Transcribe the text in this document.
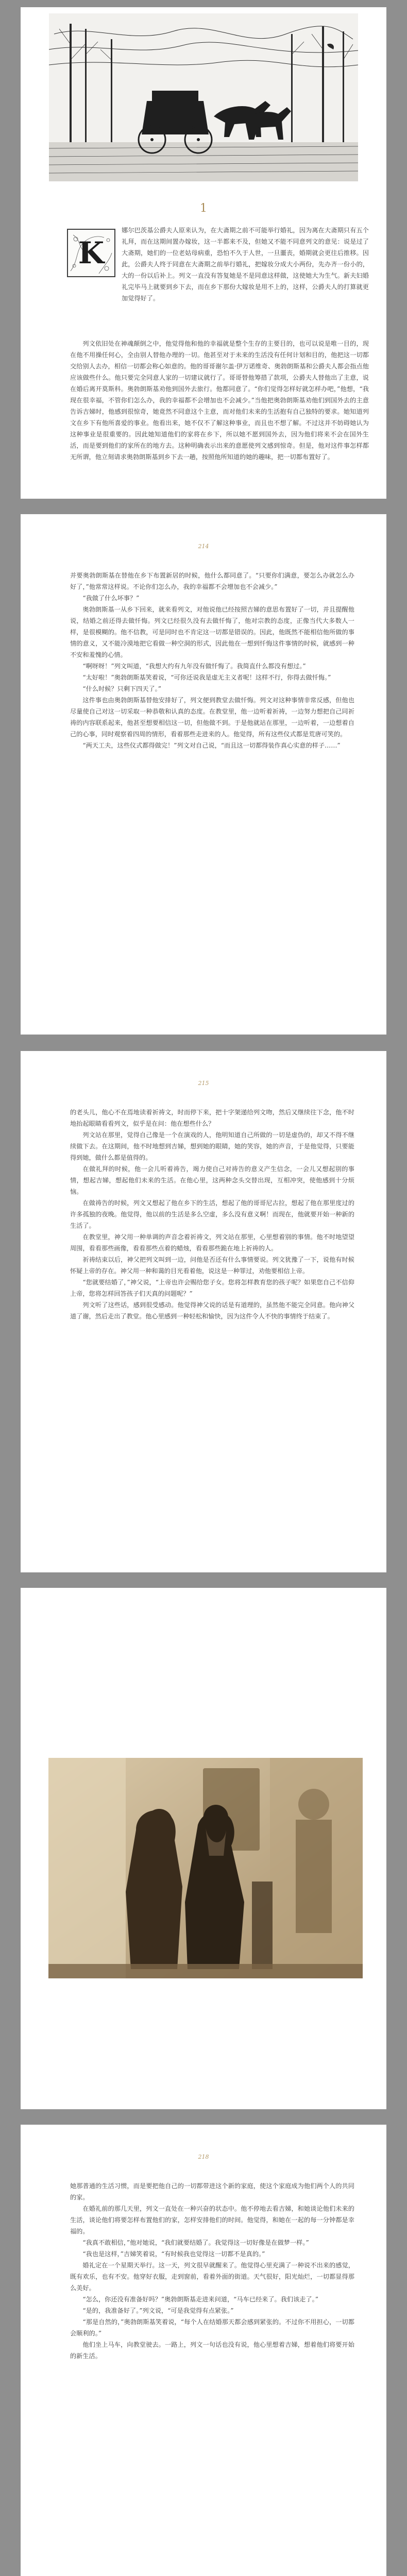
1
K

娜尔巴茨基公爵夫人原来认为，在大斋期之前不可能举行婚礼，因为离在大斋期只有五个礼拜，而在这期间置办嫁妆，这一半都来不及，但她又不能不同意列文的意见：说是过了大斋期，她们的一位老姑母病重，恐怕不久于人世，一旦噩丧，婚期就会更往后推移。因此，公爵夫人终于同意在大斋期之前举行婚礼，把嫁妆分成大小两份，先办齐一份小的，大的一份以后补上。列文一直没有答复她是不是同意这样做，这使她大为生气。新夫妇婚礼完毕马上就要到乡下去，而在乡下那份大嫁妆是用不上的，这样，公爵夫人的打算就更加觉得好了。

列文依旧处在神魂颠倒之中，他觉得他和他的幸福就是整个生存的主要目的，也可以说是唯一目的，现在他不用操任何心，全由别人替他办理的一切。他甚至对于未来的生活没有任何计划和目的，他把这一切都交给别人去办，相信一切都会称心如意的。他的哥哥谢尔盖·伊万诺维奇、奥勃朗斯基和公爵夫人都会指点他应该做些什么。他只要完全同意人家的一切建议就行了。哥哥替他筹措了款项，公爵夫人替他出了主意，说在婚后离开莫斯科。奥勃朗斯基劝他到国外去旅行。他都同意了。“你们觉得怎样好就怎样办吧，”他想，“我现在很幸福，不管你们怎么办，我的幸福都不会增加也不会减少。”当他把奥勃朗斯基劝他们到国外去的主意告诉吉娣时，他感到很惊奇，她竟然不同意这个主意，而对他们未来的生活抱有自己独特的要求。她知道列文在乡下有他所喜爱的事业。他看出来，她不仅不了解这种事业，而且也不想了解。不过这并不妨碍她认为这种事业是很重要的。因此她知道他们的家将在乡下，所以她不愿到国外去，因为他们将来不会在国外生活，而是要到他们的家所在的地方去。这种明确表示出来的意愿使列文感到惊奇。但是，他对这件事怎样都无所谓，他立刻请求奥勃朗斯基到乡下去一趟，按照他所知道的她的趣味，把一切都布置好了。

214

并要奥勃朗斯基在替他在乡下布置新居的时候，他什么都同意了。“只要你们满意，要怎么办就怎么办好了，”他常常这样说。不论你们怎么办，我的幸福都不会增加也不会减少。”

“我做了什么坏事？”

奥勃朗斯基一从乡下回来，就来看列文，对他说他已经按照吉娣的意思布置好了一切，并且提醒他说，结婚之前还得去做忏悔。列文已经很久没有去做忏悔了，他对宗教的态度，正像当代大多数人一样，是很模糊的。他不信教，可是同时也不肯定这一切都是错误的。因此，他既然不能相信他所做的事情的意义，又不能冷漠地把它看做一种空洞的形式，因此他在一想到忏悔这件事情的时候，就感到一种不安和羞愧的心情。

“啊呀呀！”列文叫道，“我想大约有九年没有做忏悔了。我简直什么都没有想过。”

“太好啦！”奥勃朗斯基笑着说，“可你还说我是虚无主义者呢！这样不行，你得去做忏悔。”

“什么时候？只剩下四天了。”

这件事也由奥勃朗斯基替他安排好了，列文便到教堂去做忏悔。列文对这种事情非常反感，但他也尽量使自己对这一切采取一种恭敬和认真的态度。在教堂里，他一边听着祈祷，一边努力想把自己同祈祷的内容联系起来，他甚至想要相信这一切，但他做不到。于是他就站在那里，一边听着，一边想着自己的心事，同时观察着四周的情形，看着那些走进来的人。他觉得，所有这些仪式都是荒唐可笑的。

“两天工夫，这些仪式都得做完！”列文对自己说，“而且这一切都得装作真心实意的样子……”

215

的老头儿，他心不在焉地读着祈祷文，时而停下来，把十字架递给列文吻，然后又继续往下念，他不时地抬起眼睛看看列文，似乎是在问：他在想些什么？

列文站在那里，觉得自己像是一个在演戏的人，他明知道自己所做的一切是虚伪的，却又不得不继续做下去。在这期间，他不时地想到吉娣，想到她的眼睛，她的笑容，她的声音，于是他觉得，只要能得到她，做什么都是值得的。

在做礼拜的时候，他一会儿听着祷告，竭力使自己对祷告的意义产生信念，一会儿又想起别的事情，想起吉娣，想起他们未来的生活。在他心里，这两种念头交替出现，互相冲突，使他感到十分烦恼。

在做祷告的时候，列文又想起了他在乡下的生活，想起了他的哥哥尼古拉，想起了他在那里度过的许多孤独的夜晚。他觉得，他以前的生活是多么空虚，多么没有意义啊！而现在，他就要开始一种新的生活了。

在教堂里，神父用一种单调的声音念着祈祷文，列文站在那里，心里想着别的事情。他不时地望望周围，看看那些画像，看看那些点着的蜡烛，看看那些跪在地上祈祷的人。

祈祷结束以后，神父把列文叫到一边，问他是否还有什么事情要说。列文犹豫了一下，说他有时候怀疑上帝的存在。神父用一种和蔼的目光看着他，说这是一种罪过，劝他要相信上帝。

“您就要结婚了，”神父说，“上帝也许会赐给您子女。您将怎样教育您的孩子呢？如果您自己不信仰上帝，您将怎样回答孩子们天真的问题呢？”

列文听了这些话，感到很受感动。他觉得神父说的话是有道理的，虽然他不能完全同意。他向神父道了谢，然后走出了教堂。他心里感到一种轻松和愉快，因为这件令人不快的事情终于结束了。

218

她那普通的生活习惯，而是要把他自己的一切都带进这个新的家庭，使这个家庭成为他们两个人的共同的家。

在婚礼前的那几天里，列文一直处在一种兴奋的状态中。他不停地去看吉娣，和她谈论他们未来的生活，谈论他们将要怎样布置他们的家，怎样安排他们的时间。他觉得，和她在一起的每一分钟都是幸福的。

“我真不敢相信，”他对她说，“我们就要结婚了。我觉得这一切好像是在做梦一样。”

“我也是这样，”吉娣笑着说，“有时候我也觉得这一切都不是真的。”

婚礼定在一个星期天举行。这一天，列文很早就醒来了。他觉得心里充满了一种说不出来的感觉，既有欢乐，也有不安。他穿好衣服，走到窗前，看着外面的街道。天气很好，阳光灿烂，一切都显得那么美好。

“怎么，你还没有准备好吗？”奥勃朗斯基走进来问道，“马车已经来了。我们该走了。”

“是的，我准备好了。”列文说，“可是我觉得有点紧张。”

“那是自然的，”奥勃朗斯基笑着说，“每个人在结婚那天都会感到紧张的。不过你不用担心，一切都会顺利的。”

他们坐上马车，向教堂驶去。一路上，列文一句话也没有说，他心里想着吉娣，想着他们将要开始的新生活。
